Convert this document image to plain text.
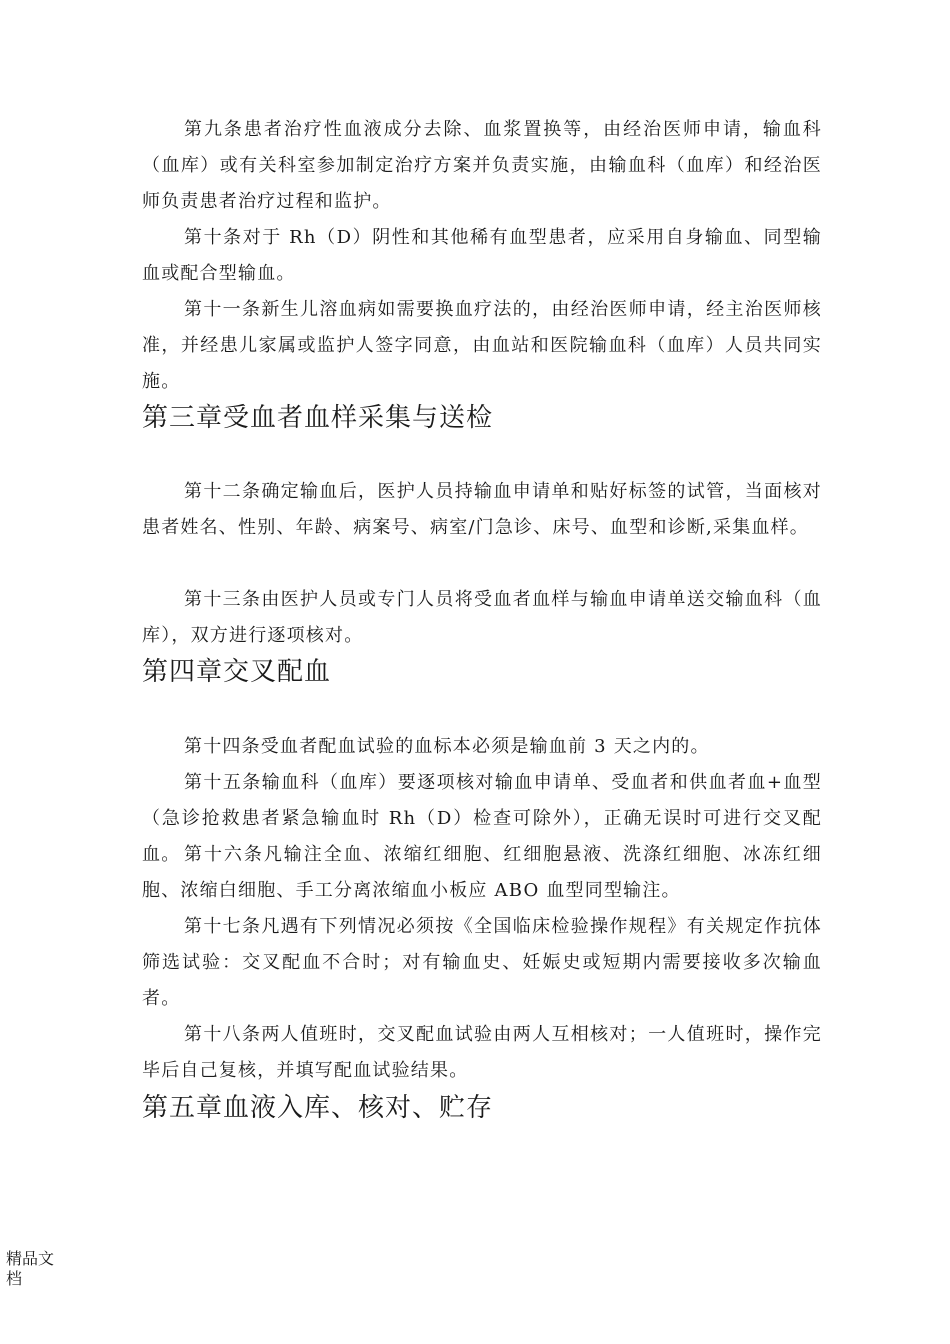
第九条患者治疗性血液成分去除、血浆置换等，由经治医师申请，输血科（血库）或有关科室参加制定治疗方案并负责实施，由输血科（血库）和经治医师负责患者治疗过程和监护。

第十条对于 Rh（D）阴性和其他稀有血型患者，应采用自身输血、同型输血或配合型输血。

第十一条新生儿溶血病如需要换血疗法的，由经治医师申请，经主治医师核准，并经患儿家属或监护人签字同意，由血站和医院输血科（血库）人员共同实施。

第三章受血者血样采集与送检

第十二条确定输血后，医护人员持输血申请单和贴好标签的试管，当面核对患者姓名、性别、年龄、病案号、病室/门急诊、床号、血型和诊断,采集血样。

第十三条由医护人员或专门人员将受血者血样与输血申请单送交输血科（血库），双方进行逐项核对。

第四章交叉配血

第十四条受血者配血试验的血标本必须是输血前 3 天之内的。

第十五条输血科（血库）要逐项核对输血申请单、受血者和供血者血+血型（急诊抢救患者紧急输血时 Rh（D）检查可除外），正确无误时可进行交叉配血。 第十六条凡输注全血、浓缩红细胞、红细胞悬液、洗涤红细胞、冰冻红细胞、浓缩白细胞、手工分离浓缩血小板应 ABO 血型同型输注。

第十七条凡遇有下列情况必须按《全国临床检验操作规程》有关规定作抗体筛选试验：交叉配血不合时；对有输血史、妊娠史或短期内需要接收多次输血者。

第十八条两人值班时，交叉配血试验由两人互相核对；一人值班时，操作完毕后自己复核，并填写配血试验结果。

第五章血液入库、核对、贮存

精品文档
